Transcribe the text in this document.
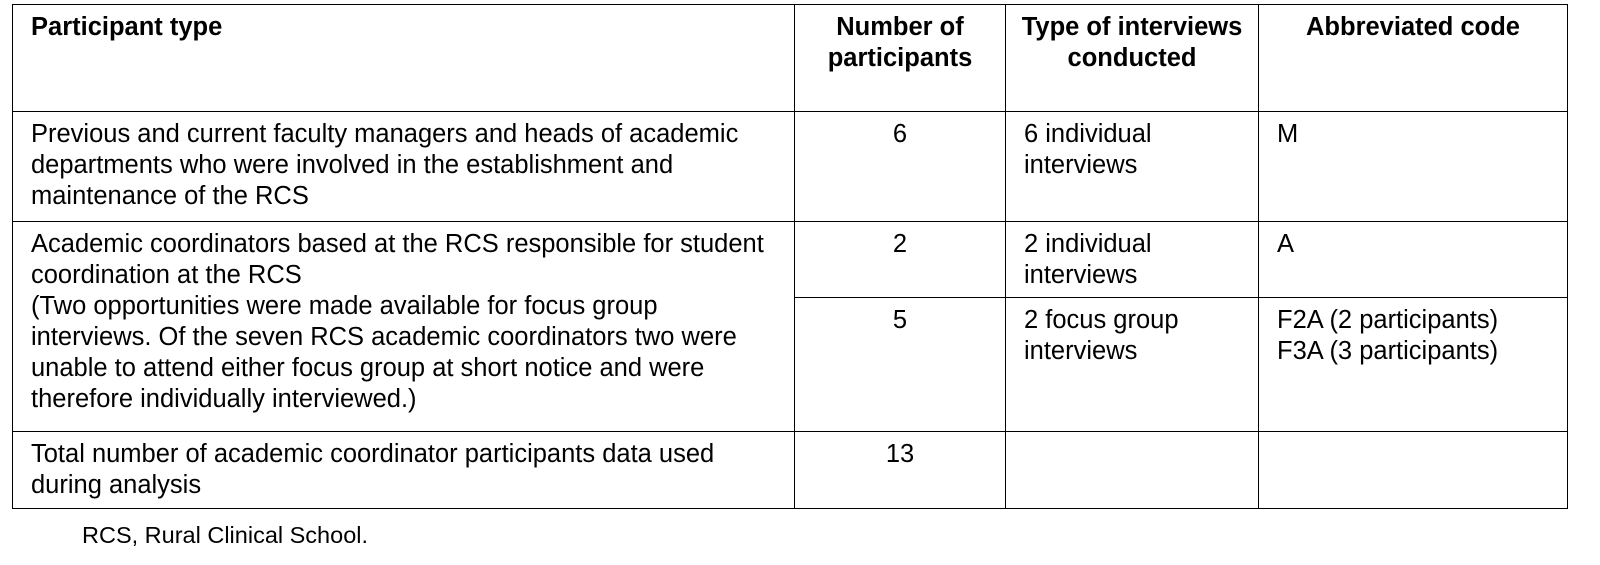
Participant type	Number of participants	Type of interviews conducted	Abbreviated code
Previous and current faculty managers and heads of academic departments who were involved in the establishment and maintenance of the RCS	6	6 individual interviews	M

Academic coordinators based at the RCS responsible for student coordination at the RCS
(Two opportunities were made available for focus group interviews. Of the seven RCS academic coordinators two were unable to attend either focus group at short notice and were therefore individually interviewed.)	2	2 individual interviews	A
	5	2 focus group interviews	F2A (2 participants)
F3A (3 participants)

Total number of academic coordinator participants data used during analysis	13		
RCS, Rural Clinical School.
